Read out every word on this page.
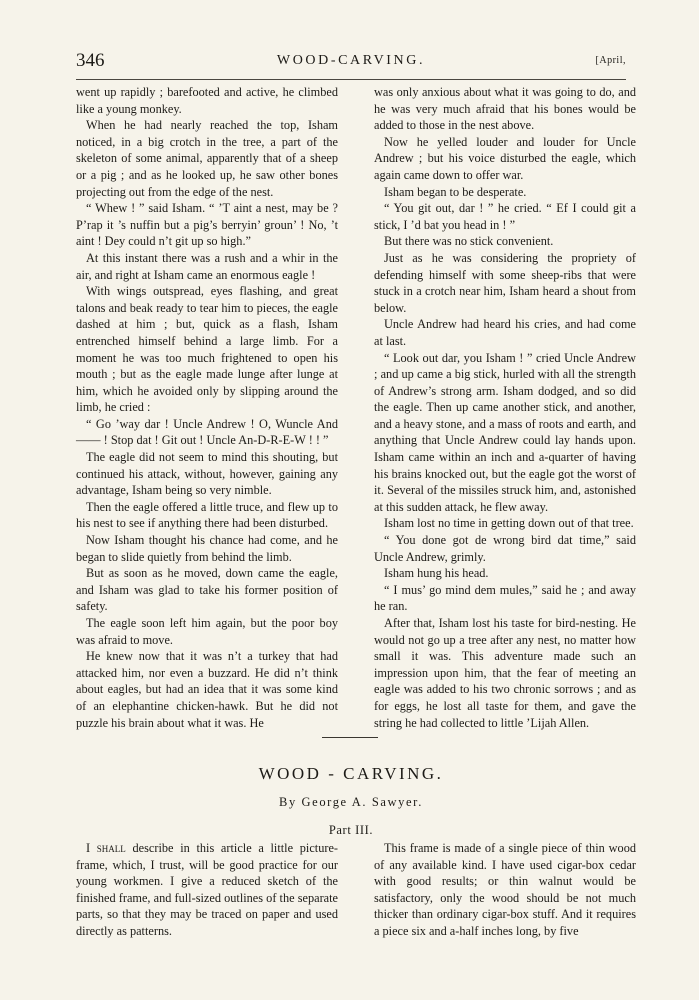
346	WOOD-CARVING.	[April,

went up rapidly ; barefooted and active, he climbed like a young monkey.

When he had nearly reached the top, Isham noticed, in a big crotch in the tree, a part of the skeleton of some animal, apparently that of a sheep or a pig ; and as he looked up, he saw other bones projecting out from the edge of the nest.

“ Whew ! ” said Isham. “ ’T aint a nest, may be ? P’rap it ’s nuffin but a pig’s berryin’ groun’ ! No, ’t aint ! Dey could n’t git up so high.”

At this instant there was a rush and a whir in the air, and right at Isham came an enormous eagle !

With wings outspread, eyes flashing, and great talons and beak ready to tear him to pieces, the eagle dashed at him ; but, quick as a flash, Isham entrenched himself behind a large limb. For a moment he was too much frightened to open his mouth ; but as the eagle made lunge after lunge at him, which he avoided only by slipping around the limb, he cried :

“ Go ’way dar ! Uncle Andrew ! O, Wuncle And—— ! Stop dat ! Git out ! Uncle An-D-R-E-W ! ! ”

The eagle did not seem to mind this shouting, but continued his attack, without, however, gaining any advantage, Isham being so very nimble.

Then the eagle offered a little truce, and flew up to his nest to see if anything there had been disturbed.

Now Isham thought his chance had come, and he began to slide quietly from behind the limb.

But as soon as he moved, down came the eagle, and Isham was glad to take his former position of safety.

The eagle soon left him again, but the poor boy was afraid to move.

He knew now that it was n’t a turkey that had attacked him, nor even a buzzard. He did n’t think about eagles, but had an idea that it was some kind of an elephantine chicken-hawk. But he did not puzzle his brain about what it was. He

was only anxious about what it was going to do, and he was very much afraid that his bones would be added to those in the nest above.

Now he yelled louder and louder for Uncle Andrew ; but his voice disturbed the eagle, which again came down to offer war.

Isham began to be desperate.

“ You git out, dar ! ” he cried. “ Ef I could git a stick, I ’d bat you head in ! ”

But there was no stick convenient.

Just as he was considering the propriety of defending himself with some sheep-ribs that were stuck in a crotch near him, Isham heard a shout from below.

Uncle Andrew had heard his cries, and had come at last.

“ Look out dar, you Isham ! ” cried Uncle Andrew ; and up came a big stick, hurled with all the strength of Andrew’s strong arm. Isham dodged, and so did the eagle. Then up came another stick, and another, and a heavy stone, and a mass of roots and earth, and anything that Uncle Andrew could lay hands upon. Isham came within an inch and a-quarter of having his brains knocked out, but the eagle got the worst of it. Several of the missiles struck him, and, astonished at this sudden attack, he flew away.

Isham lost no time in getting down out of that tree.

“ You done got de wrong bird dat time,” said Uncle Andrew, grimly.

Isham hung his head.

“ I mus’ go mind dem mules,” said he ; and away he ran.

After that, Isham lost his taste for bird-nesting. He would not go up a tree after any nest, no matter how small it was. This adventure made such an impression upon him, that the fear of meeting an eagle was added to his two chronic sorrows ; and as for eggs, he lost all taste for them, and gave the string he had collected to little ’Lijah Allen.

WOOD - CARVING.
By George A. Sawyer.
Part III.

I shall describe in this article a little picture-frame, which, I trust, will be good practice for our young workmen. I give a reduced sketch of the finished frame, and full-sized outlines of the separate parts, so that they may be traced on paper and used directly as patterns.

This frame is made of a single piece of thin wood of any available kind. I have used cigar-box cedar with good results; or thin walnut would be satisfactory, only the wood should be not much thicker than ordinary cigar-box stuff. And it requires a piece six and a-half inches long, by five
